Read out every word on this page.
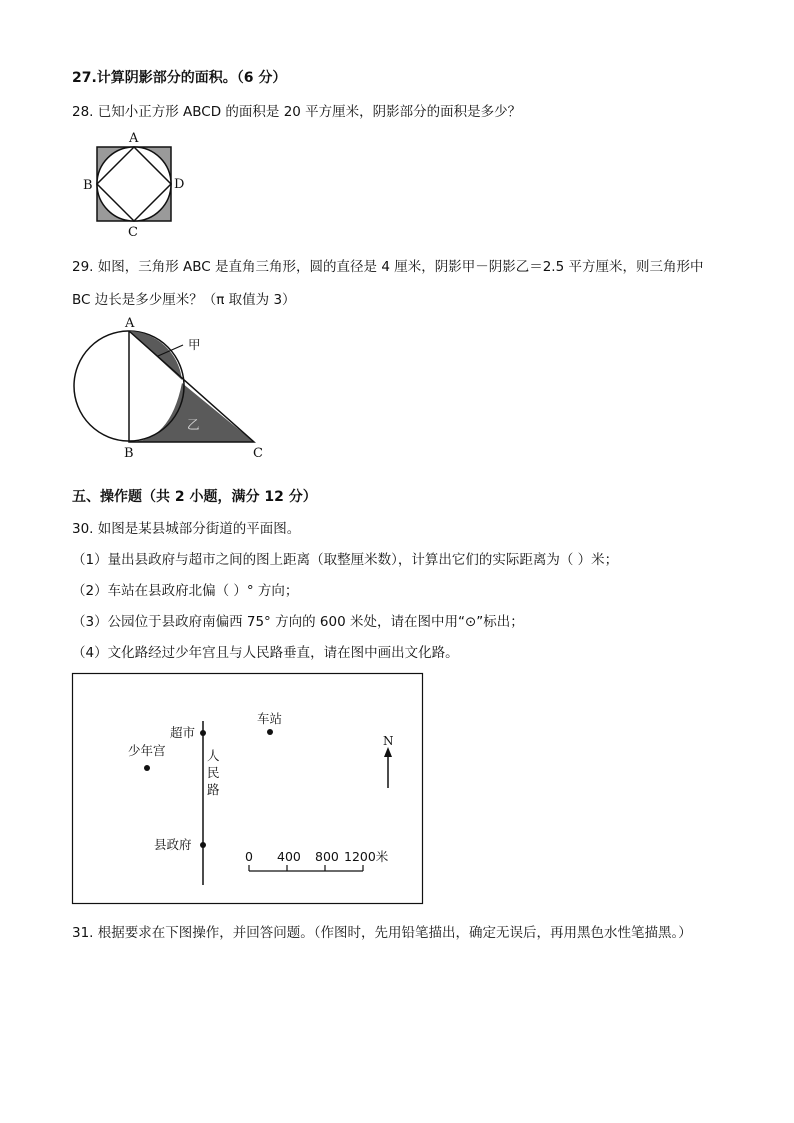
27.计算阴影部分的面积。（6 分）
28. 已知小正方形 ABCD 的面积是 20 平方厘米，阴影部分的面积是多少？
A
B	D
C
29. 如图，三角形 ABC 是直角三角形，圆的直径是 4 厘米，阴影甲－阴影乙＝2.5 平方厘米，则三角形中
BC 边长是多少厘米？（π 取值为 3）
甲
乙
A
B	C
五、操作题（共 2 小题，满分 12 分）
30. 如图是某县城部分街道的平面图。
（1）量出县政府与超市之间的图上距离（取整厘米数），计算出它们的实际距离为（ ）米；
（2）车站在县政府北偏（ ）° 方向；
（3）公园位于县政府南偏西 75° 方向的 600 米处，请在图中用“⊙”标出；
（4）文化路经过少年宫且与人民路垂直，请在图中画出文化路。
人
民
路
超市
车站
少年宫
县政府
N
0 400 800 1200米
31. 根据要求在下图操作，并回答问题。（作图时，先用铅笔描出，确定无误后，再用黑色水性笔描黑。）
